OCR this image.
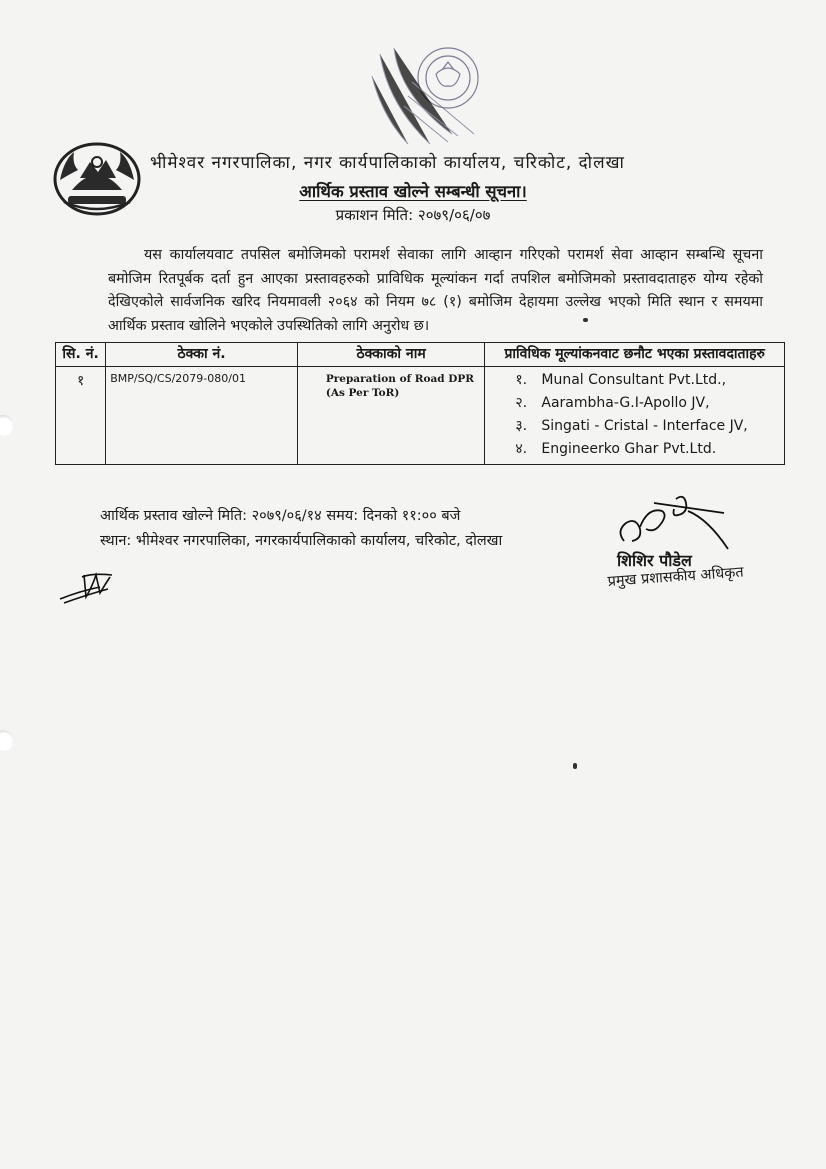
भीमेश्वर नगरपालिका, नगर कार्यपालिकाको कार्यालय, चरिकोट, दोलखा
आर्थिक प्रस्ताव खोल्ने सम्बन्धी सूचना।
प्रकाशन मिति: २०७९/०६/०७
यस कार्यालयवाट तपसिल बमोजिमको परामर्श सेवाका लागि आव्हान गरिएको परामर्श सेवा आव्हान सम्बन्धि सूचना बमोजिम रितपूर्बक दर्ता हुन आएका प्रस्तावहरुको प्राविधिक मूल्यांकन गर्दा तपशिल बमोजिमको प्रस्तावदाताहरु योग्य रहेको देखिएकोले सार्वजनिक खरिद नियमावली २०६४ को नियम ७८ (१) बमोजिम देहायमा उल्लेख भएको मिति स्थान र समयमा आर्थिक प्रस्ताव खोलिने भएकोले उपस्थितिको लागि अनुरोध छ।
सि. नं.	ठेक्का नं.	ठेक्काको नाम	प्राविधिक मूल्यांकनवाट छनौट भएका प्रस्तावदाताहरु
१	BMP/SQ/CS/2079-080/01	Preparation of Road DPR (As Per ToR)	१. Munal Consultant Pvt.Ltd.,
२. Aarambha-G.I-Apollo JV,
३. Singati - Cristal - Interface JV,
४. Engineerko Ghar Pvt.Ltd.
आर्थिक प्रस्ताव खोल्ने मिति: २०७९/०६/१४ समय: दिनको ११:०० बजे
स्थान: भीमेश्वर नगरपालिका, नगरकार्यपालिकाको कार्यालय, चरिकोट, दोलखा
शिशिर पौडेल
प्रमुख प्रशासकीय अधिकृत
